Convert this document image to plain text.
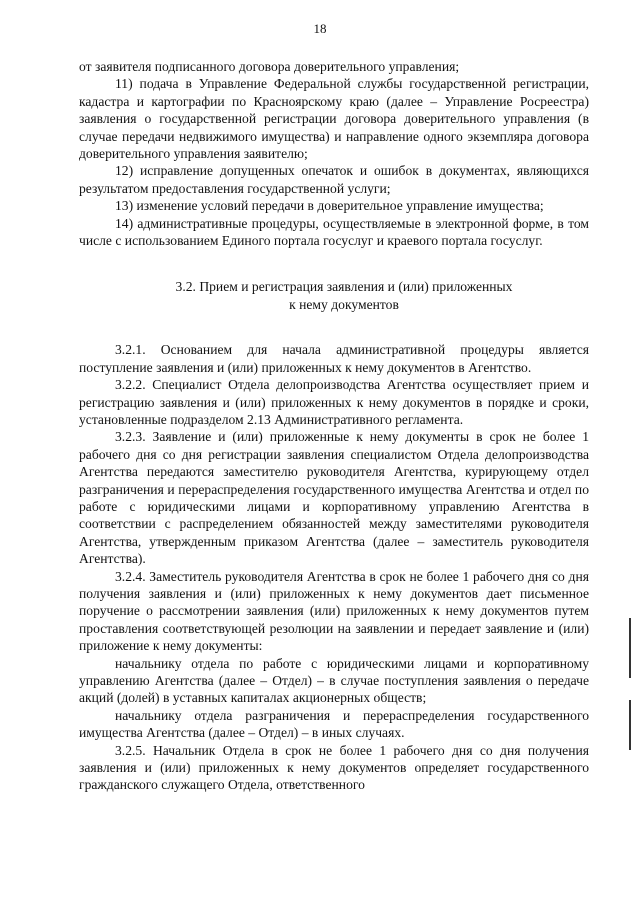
18

от заявителя подписанного договора доверительного управления;

11) подача в Управление Федеральной службы государственной регистрации, кадастра и картографии по Красноярскому краю (далее – Управление Росреестра) заявления о государственной регистрации договора доверительного управления (в случае передачи недвижимого имущества) и направление одного экземпляра договора доверительного управления заявителю;

12) исправление допущенных опечаток и ошибок в документах, являющихся результатом предоставления государственной услуги;

13) изменение условий передачи в доверительное управление имущества;

14) административные процедуры, осуществляемые в электронной форме, в том числе с использованием Единого портала госуслуг и краевого портала госуслуг.

3.2. Прием и регистрация заявления и (или) приложенных
к нему документов

3.2.1. Основанием для начала административной процедуры является поступление заявления и (или) приложенных к нему документов в Агентство.

3.2.2. Специалист Отдела делопроизводства Агентства осуществляет прием и регистрацию заявления и (или) приложенных к нему документов в порядке и сроки, установленные подразделом 2.13 Административного регламента.

3.2.3. Заявление и (или) приложенные к нему документы в срок не более 1 рабочего дня со дня регистрации заявления специалистом Отдела делопроизводства Агентства передаются заместителю руководителя Агентства, курирующему отдел разграничения и перераспределения государственного имущества Агентства и отдел по работе с юридическими лицами и корпоративному управлению Агентства в соответствии с распределением обязанностей между заместителями руководителя Агентства, утвержденным приказом Агентства (далее – заместитель руководителя Агентства).

3.2.4. Заместитель руководителя Агентства в срок не более 1 рабочего дня со дня получения заявления и (или) приложенных к нему документов дает письменное поручение о рассмотрении заявления (или) приложенных к нему документов путем проставления соответствующей резолюции на заявлении и передает заявление и (или) приложение к нему документы:

начальнику отдела по работе с юридическими лицами и корпоративному управлению Агентства (далее – Отдел) – в случае поступления заявления о передаче акций (долей) в уставных капиталах акционерных обществ;

начальнику отдела разграничения и перераспределения государственного имущества Агентства (далее – Отдел) – в иных случаях.

3.2.5. Начальник Отдела в срок не более 1 рабочего дня со дня получения заявления и (или) приложенных к нему документов определяет государственного гражданского служащего Отдела, ответственного
